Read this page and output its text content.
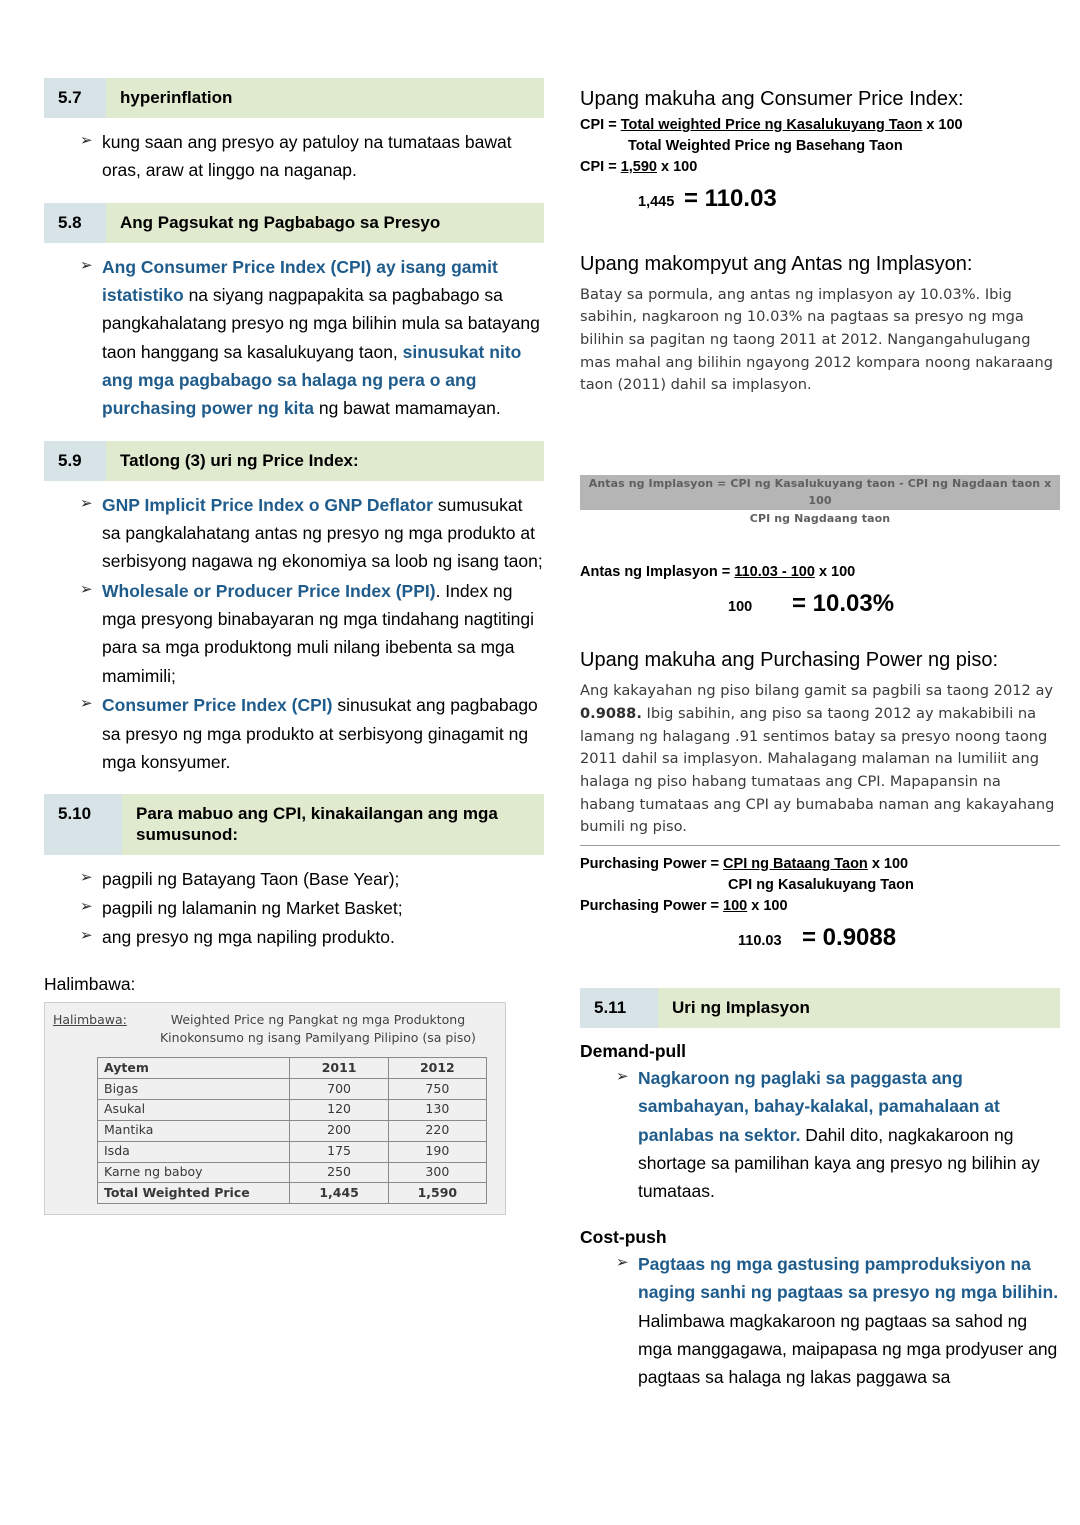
5.7	hyperinflation
➢ kung saan ang presyo ay patuloy na tumataas bawat oras, araw at linggo na naganap.
5.8	Ang Pagsukat ng Pagbabago sa Presyo
➢ Ang Consumer Price Index (CPI) ay isang gamit istatistiko na siyang nagpapakita sa pagbabago sa pangkahalatang presyo ng mga bilihin mula sa batayang taon hanggang sa kasalukuyang taon, sinusukat nito ang mga pagbabago sa halaga ng pera o ang purchasing power ng kita ng bawat mamamayan.
5.9	Tatlong (3) uri ng Price Index:
➢ GNP Implicit Price Index o GNP Deflator sumusukat sa pangkalahatang antas ng presyo ng mga produkto at serbisyong nagawa ng ekonomiya sa loob ng isang taon;
➢ Wholesale or Producer Price Index (PPI). Index ng mga presyong binabayaran ng mga tindahang nagtitingi para sa mga produktong muli nilang ibebenta sa mga mamimili;
➢ Consumer Price Index (CPI) sinusukat ang pagbabago sa presyo ng mga produkto at serbisyong ginagamit ng mga konsyumer.
5.10	Para mabuo ang CPI, kinakailangan ang mga sumusunod:
➢ pagpili ng Batayang Taon (Base Year);
➢ pagpili ng lalamanin ng Market Basket;
➢ ang presyo ng mga napiling produkto.

Halimbawa:

Halimbawa:	Weighted Price ng Pangkat ng mga Produktong
Kinokonsumo ng isang Pamilyang Pilipino (sa piso)
Aytem	2011	2012
Bigas	700	750
Asukal	120	130
Mantika	200	220
Isda	175	190
Karne ng baboy	250	300
Total Weighted Price	1,445	1,590

Upang makuha ang Consumer Price Index:

CPI = Total weighted Price ng Kasalukuyang Taon x 100
Total Weighted Price ng Basehang Taon
CPI = 1,590 x 100
1,445 = 110.03

Upang makompyut ang Antas ng Implasyon:

Batay sa pormula, ang antas ng implasyon ay 10.03%. Ibig sabihin, nagkaroon ng 10.03% na pagtaas sa presyo ng mga bilihin sa pagitan ng taong 2011 at 2012. Nangangahulugang mas mahal ang bilihin ngayong 2012 kompara noong nakaraang taon (2011) dahil sa implasyon.
Antas ng Implasyon = CPI ng Kasalukuyang taon - CPI ng Nagdaan taon x 100
CPI ng Nagdaang taon
Antas ng Implasyon = 110.03 - 100 x 100
100	= 10.03%

Upang makuha ang Purchasing Power ng piso:

Ang kakayahan ng piso bilang gamit sa pagbili sa taong 2012 ay 0.9088. Ibig sabihin, ang piso sa taong 2012 ay makabibili na lamang ng halagang .91 sentimos batay sa presyo noong taong 2011 dahil sa implasyon. Mahalagang malaman na lumiliit ang halaga ng piso habang tumataas ang CPI. Mapapansin na habang tumataas ang CPI ay bumababa naman ang kakayahang bumili ng piso.
Purchasing Power = CPI ng Bataang Taon x 100
CPI ng Kasalukuyang Taon
Purchasing Power = 100 x 100
110.03 = 0.9088
5.11	Uri ng Implasyon

Demand-pull

➢ Nagkaroon ng paglaki sa paggasta ang sambahayan, bahay-kalakal, pamahalaan at panlabas na sektor. Dahil dito, nagkakaroon ng shortage sa pamilihan kaya ang presyo ng bilihin ay tumataas.

Cost-push

➢ Pagtaas ng mga gastusing pamproduksiyon na naging sanhi ng pagtaas sa presyo ng mga bilihin. Halimbawa magkakaroon ng pagtaas sa sahod ng mga manggagawa, maipapasa ng mga prodyuser ang pagtaas sa halaga ng lakas paggawa sa
